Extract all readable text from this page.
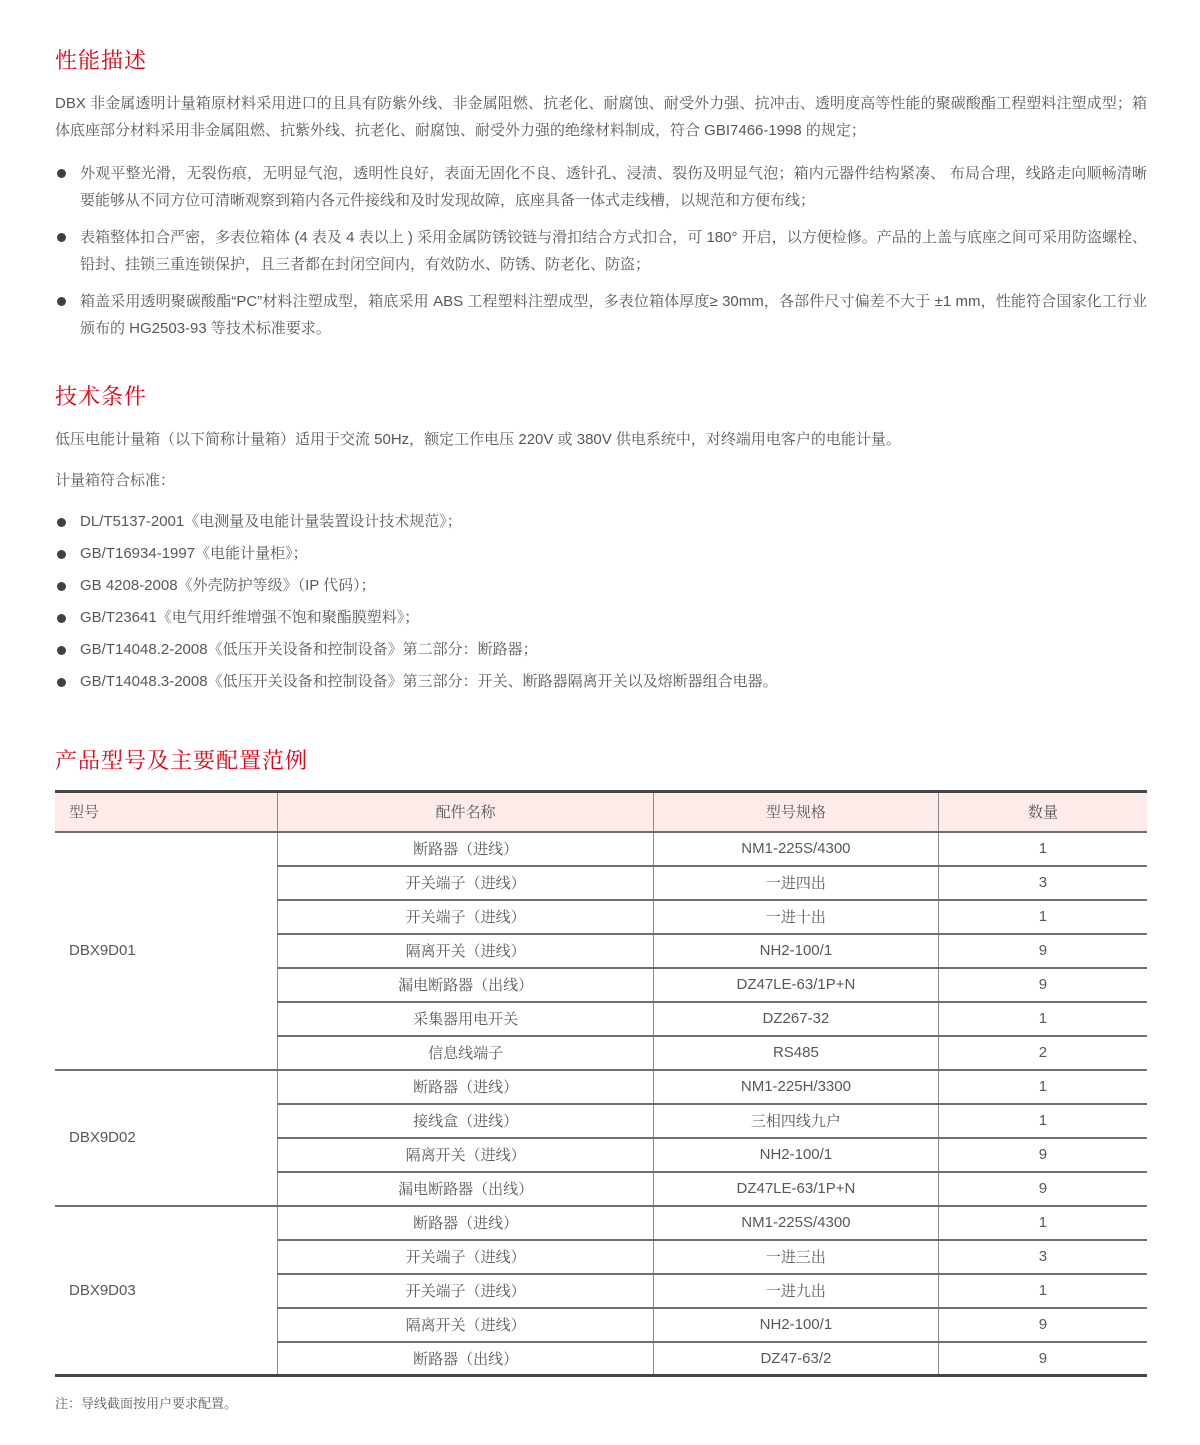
性能描述

DBX 非金属透明计量箱原材料采用进口的且具有防紫外线、非金属阻燃、抗老化、耐腐蚀、耐受外力强、抗冲击、透明度高等性能的聚碳酸酯工程塑料注塑成型；箱体底座部分材料采用非金属阻燃、抗紫外线、抗老化、耐腐蚀、耐受外力强的绝缘材料制成，符合 GBI7466-1998 的规定；

外观平整光滑，无裂伤痕，无明显气泡，透明性良好，表面无固化不良、透针孔、浸渍、裂伤及明显气泡；箱内元器件结构紧凑、 布局合理，线路走向顺畅清晰要能够从不同方位可清晰观察到箱内各元件接线和及时发现故障，底座具备一体式走线槽，以规范和方便布线；
表箱整体扣合严密，多表位箱体 (4 表及 4 表以上 ) 采用金属防锈铰链与滑扣结合方式扣合，可 180° 开启，以方便检修。产品的上盖与底座之间可采用防盗螺栓、铅封、挂锁三重连锁保护，且三者都在封闭空间内，有效防水、防锈、防老化、防盗；
箱盖采用透明聚碳酸酯“PC”材料注塑成型，箱底采用 ABS 工程塑料注塑成型，多表位箱体厚度≥ 30mm，各部件尺寸偏差不大于 ±1 mm，性能符合国家化工行业颁布的 HG2503-93 等技术标准要求。
技术条件

低压电能计量箱（以下简称计量箱）适用于交流 50Hz，额定工作电压 220V 或 380V 供电系统中，对终端用电客户的电能计量。

计量箱符合标准：

DL/T5137-2001《电测量及电能计量装置设计技术规范》；
GB/T16934-1997《电能计量柜》；
GB 4208-2008《外壳防护等级》（IP 代码）；
GB/T23641《电气用纤维增强不饱和聚酯膜塑料》；
GB/T14048.2-2008《低压开关设备和控制设备》第二部分：断路器；
GB/T14048.3-2008《低压开关设备和控制设备》第三部分：开关、断路器隔离开关以及熔断器组合电器。
产品型号及主要配置范例
型号	配件名称	型号规格	数量
DBX9D01	断路器（进线）	NM1-225S/4300	1
	开关端子（进线）	一进四出	3
	开关端子（进线）	一进十出	1
	隔离开关（进线）	NH2-100/1	9
	漏电断路器（出线）	DZ47LE-63/1P+N	9
	采集器用电开关	DZ267-32	1
	信息线端子	RS485	2
DBX9D02	断路器（进线）	NM1-225H/3300	1
	接线盒（进线）	三相四线九户	1
	隔离开关（进线）	NH2-100/1	9
	漏电断路器（出线）	DZ47LE-63/1P+N	9
DBX9D03	断路器（进线）	NM1-225S/4300	1
	开关端子（进线）	一进三出	3
	开关端子（进线）	一进九出	1
	隔离开关（进线）	NH2-100/1	9
	断路器（出线）	DZ47-63/2	9

注：导线截面按用户要求配置。
